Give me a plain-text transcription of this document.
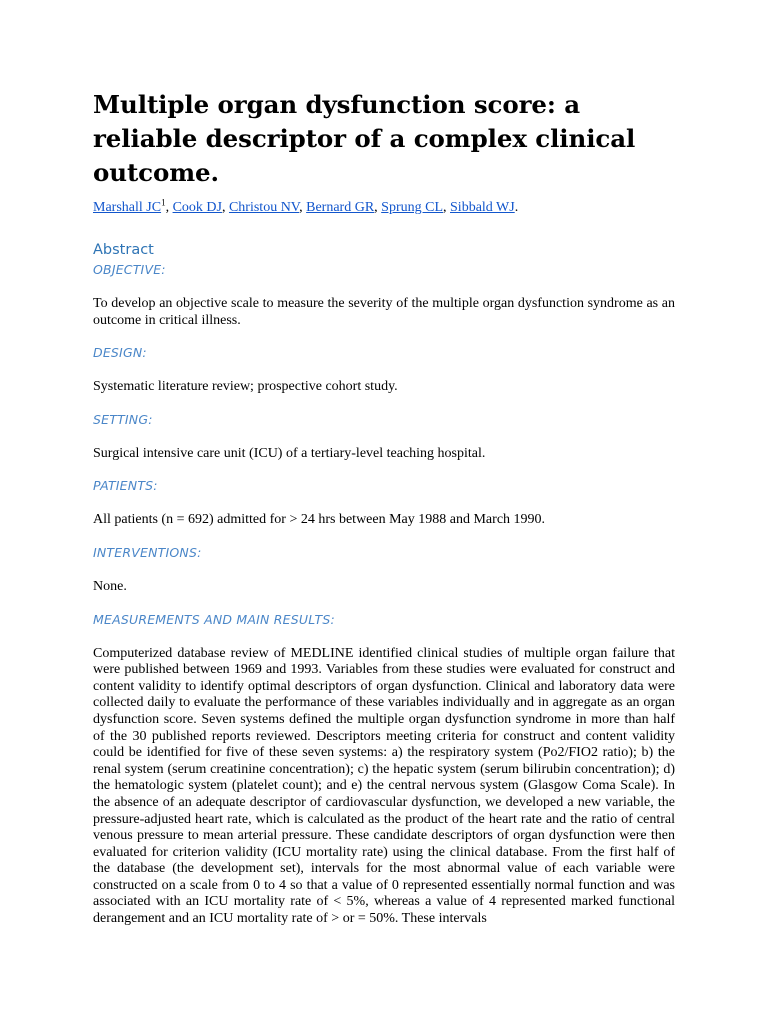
Multiple organ dysfunction score: a reliable descriptor of a complex clinical outcome.
Marshall $JC^1$, Cook DJ, Christou NV, Bernard GR, Sprung CL, Sibbald WJ.
Abstract
OBJECTIVE:
To develop an objective scale to measure the severity of the multiple organ dysfunction syndrome as an outcome in critical illness.
DESIGN:
Systematic literature review; prospective cohort study.
SETTING:
Surgical intensive care unit (ICU) of a tertiary-level teaching hospital.
PATIENTS:
All patients (n = 692) admitted for > 24 hrs between May 1988 and March 1990.
INTERVENTIONS:
None.
MEASUREMENTS AND MAIN RESULTS:
Computerized database review of MEDLINE identified clinical studies of multiple organ failure that were published between 1969 and 1993. Variables from these studies were evaluated for construct and content validity to identify optimal descriptors of organ dysfunction. Clinical and laboratory data were collected daily to evaluate the performance of these variables individually and in aggregate as an organ dysfunction score. Seven systems defined the multiple organ dysfunction syndrome in more than half of the 30 published reports reviewed. Descriptors meeting criteria for construct and content validity could be identified for five of these seven systems: a) the respiratory system (Po2/FIO2 ratio); b) the renal system (serum creatinine concentration); c) the hepatic system (serum bilirubin concentration); d) the hematologic system (platelet count); and e) the central nervous system (Glasgow Coma Scale). In the absence of an adequate descriptor of cardiovascular dysfunction, we developed a new variable, the pressure-adjusted heart rate, which is calculated as the product of the heart rate and the ratio of central venous pressure to mean arterial pressure. These candidate descriptors of organ dysfunction were then evaluated for criterion validity (ICU mortality rate) using the clinical database. From the first half of the database (the development set), intervals for the most abnormal value of each variable were constructed on a scale from 0 to 4 so that a value of 0 represented essentially normal function and was associated with an ICU mortality rate of < 5%, whereas a value of 4 represented marked functional derangement and an ICU mortality rate of > or = 50%. These intervals
